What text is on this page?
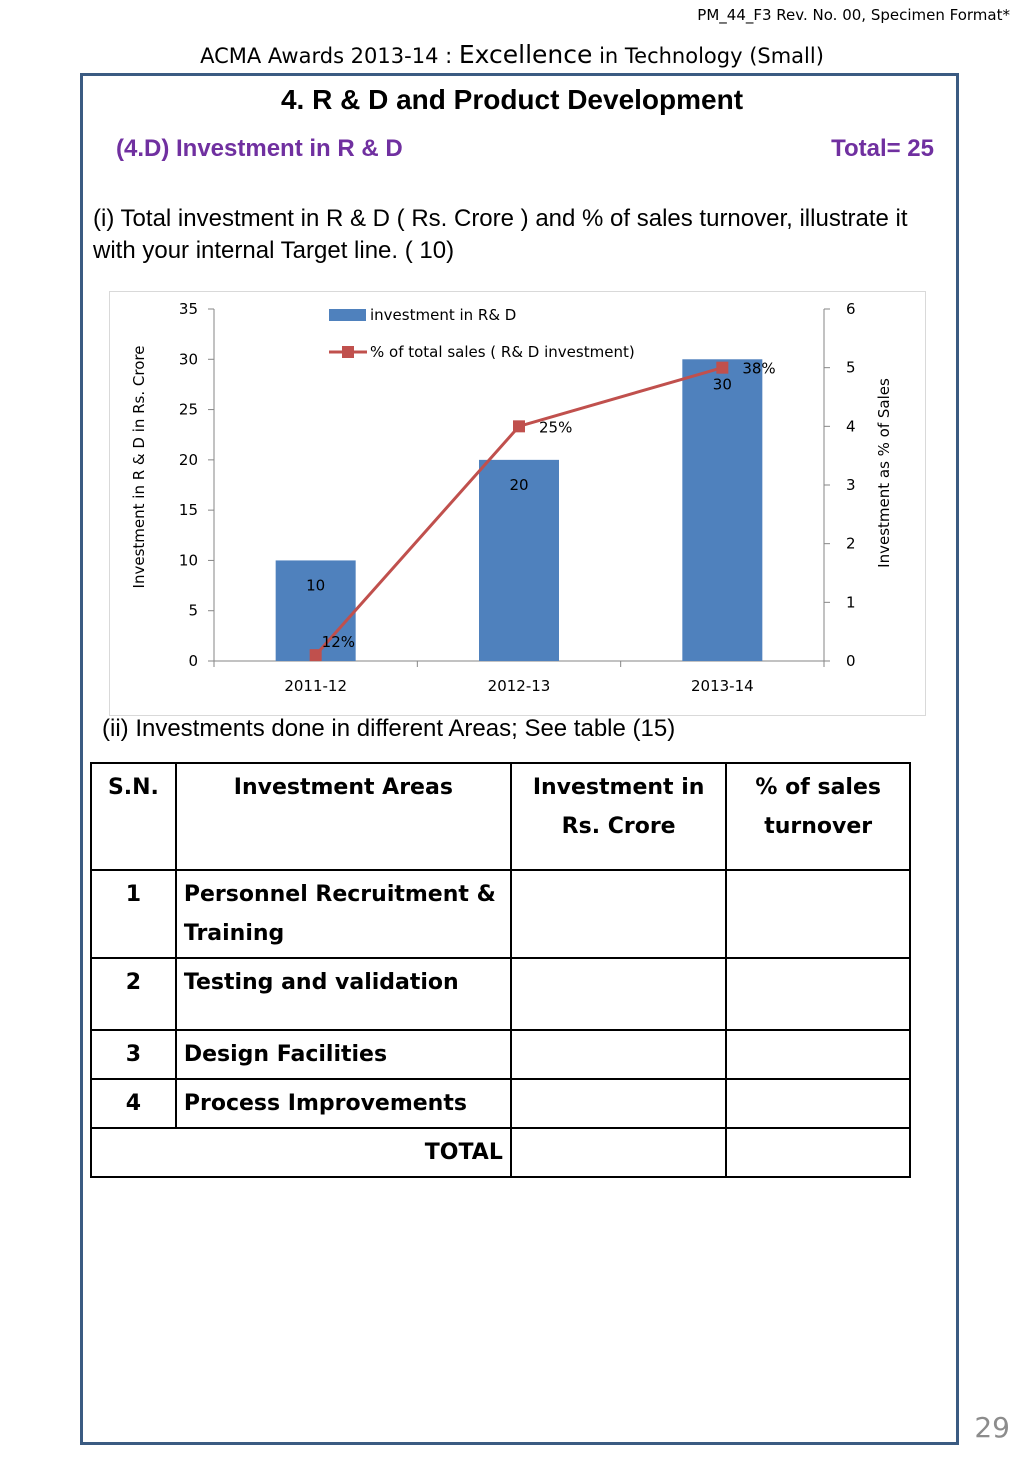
PM_44_F3 Rev. No. 00, Specimen Format*
ACMA Awards 2013-14 : Excellence in Technology (Small)
4. R & D and Product Development
(4.D) Investment in R & D	Total= 25
(i) Total investment in R & D ( Rs. Crore ) and % of sales turnover, illustrate it with your internal Target line. ( 10)
0
5
10
15
20
25
30
35
0
1
2
3
4
5
6
2011-12	2012-13	2013-14
Investment in R & D in Rs. Crore	Investment as % of Sales
10
20
30
12%
25%
38%
investment in R& D
% of total sales ( R& D investment)
(ii) Investments done in different Areas; See table (15)
S.N.	Investment Areas	Investment in Rs. Crore	% of sales turnover
1	Personnel Recruitment & Training		
2	Testing and validation		
3	Design Facilities		
4	Process Improvements		
TOTAL			
29
